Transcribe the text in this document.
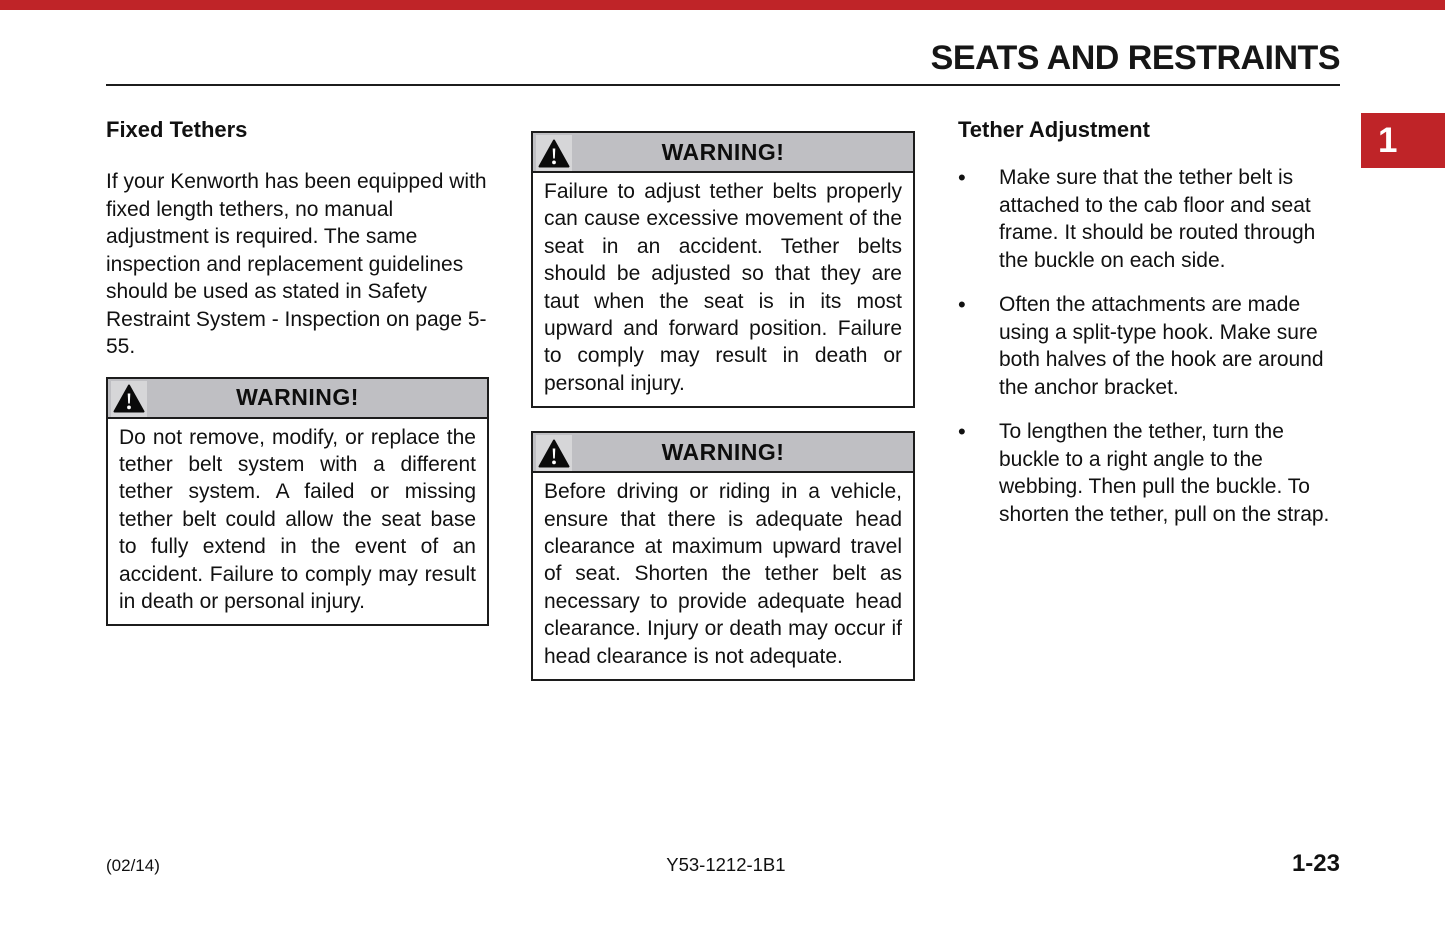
SEATS AND RESTRAINTS
1
Fixed Tethers

If your Kenworth has been equipped with fixed length tethers, no manual adjustment is required. The same inspection and replacement guidelines should be used as stated in Safety Restraint System - Inspection on page 5-55.

WARNING!
Do not remove, modify, or replace the tether belt system with a different tether system. A failed or missing tether belt could allow the seat base to fully extend in the event of an accident. Failure to comply may result in death or personal injury.
WARNING!
Failure to adjust tether belts properly can cause excessive movement of the seat in an accident. Tether belts should be adjusted so that they are taut when the seat is in its most upward and forward position. Failure to comply may result in death or personal injury.
WARNING!
Before driving or riding in a vehicle, ensure that there is adequate head clearance at maximum upward travel of seat. Shorten the tether belt as necessary to provide adequate head clearance. Injury or death may occur if head clearance is not adequate.
Tether Adjustment
•	Make sure that the tether belt is attached to the cab floor and seat frame. It should be routed through the buckle on each side.
•	Often the attachments are made using a split-type hook. Make sure both halves of the hook are around the anchor bracket.
•	To lengthen the tether, turn the buckle to a right angle to the webbing. Then pull the buckle. To shorten the tether, pull on the strap.
(02/14)	Y53-1212-1B1	1-23
